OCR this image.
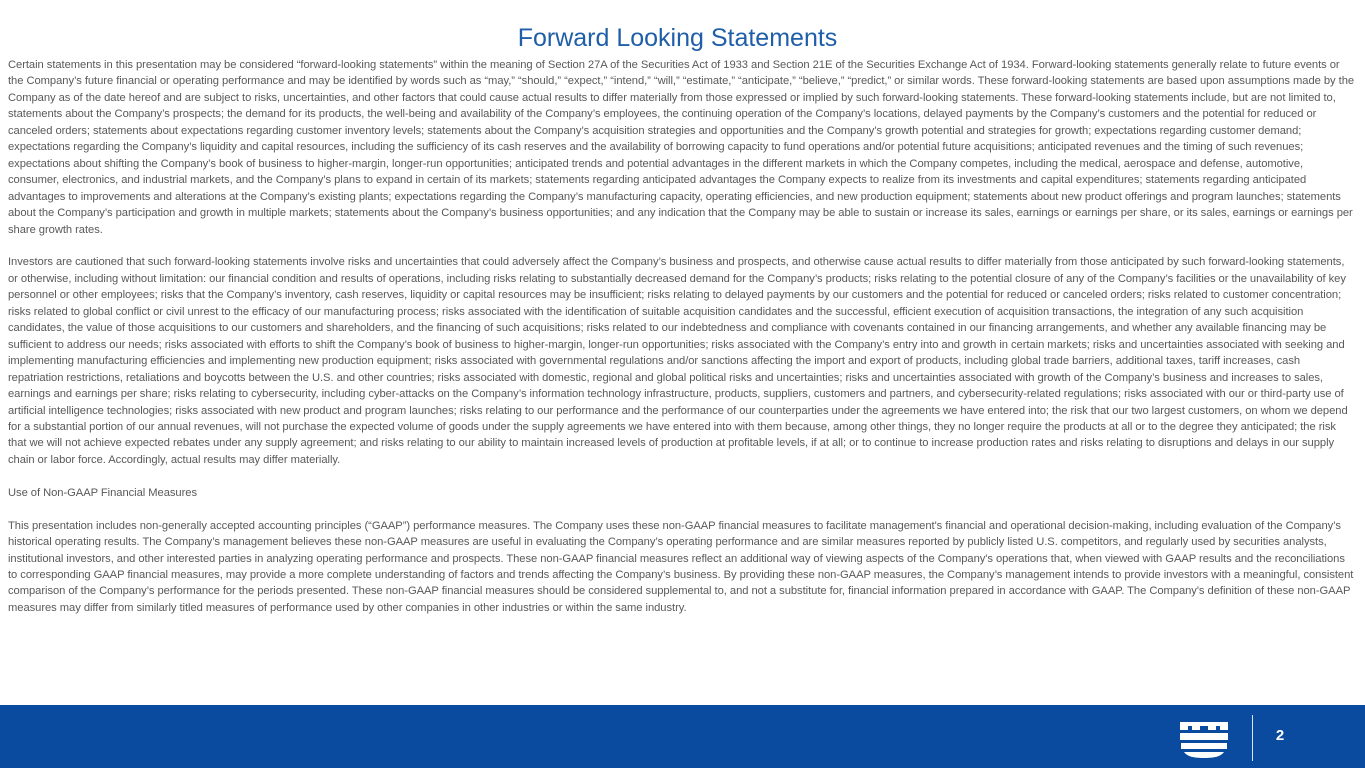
Forward Looking Statements

Certain statements in this presentation may be considered “forward-looking statements” within the meaning of Section 27A of the Securities Act of 1933 and Section 21E of the Securities Exchange Act of 1934. Forward-looking statements generally relate to future events or the Company’s future financial or operating performance and may be identified by words such as “may,” “should,” “expect,” “intend,” “will,” “estimate,” “anticipate,” “believe,” “predict,” or similar words. These forward-looking statements are based upon assumptions made by the Company as of the date hereof and are subject to risks, uncertainties, and other factors that could cause actual results to differ materially from those expressed or implied by such forward-looking statements. These forward-looking statements include, but are not limited to, statements about the Company’s prospects; the demand for its products, the well-being and availability of the Company’s employees, the continuing operation of the Company’s locations, delayed payments by the Company’s customers and the potential for reduced or canceled orders; statements about expectations regarding customer inventory levels; statements about the Company’s acquisition strategies and opportunities and the Company’s growth potential and strategies for growth; expectations regarding customer demand; expectations regarding the Company’s liquidity and capital resources, including the sufficiency of its cash reserves and the availability of borrowing capacity to fund operations and/or potential future acquisitions; anticipated revenues and the timing of such revenues; expectations about shifting the Company’s book of business to higher-margin, longer-run opportunities; anticipated trends and potential advantages in the different markets in which the Company competes, including the medical, aerospace and defense, automotive, consumer, electronics, and industrial markets, and the Company’s plans to expand in certain of its markets; statements regarding anticipated advantages the Company expects to realize from its investments and capital expenditures; statements regarding anticipated advantages to improvements and alterations at the Company’s existing plants; expectations regarding the Company’s manufacturing capacity, operating efficiencies, and new production equipment; statements about new product offerings and program launches; statements about the Company’s participation and growth in multiple markets; statements about the Company’s business opportunities; and any indication that the Company may be able to sustain or increase its sales, earnings or earnings per share, or its sales, earnings or earnings per share growth rates.

Investors are cautioned that such forward-looking statements involve risks and uncertainties that could adversely affect the Company’s business and prospects, and otherwise cause actual results to differ materially from those anticipated by such forward-looking statements, or otherwise, including without limitation: our financial condition and results of operations, including risks relating to substantially decreased demand for the Company’s products; risks relating to the potential closure of any of the Company’s facilities or the unavailability of key personnel or other employees; risks that the Company’s inventory, cash reserves, liquidity or capital resources may be insufficient; risks relating to delayed payments by our customers and the potential for reduced or canceled orders; risks related to customer concentration; risks related to global conflict or civil unrest to the efficacy of our manufacturing process; risks associated with the identification of suitable acquisition candidates and the successful, efficient execution of acquisition transactions, the integration of any such acquisition candidates, the value of those acquisitions to our customers and shareholders, and the financing of such acquisitions; risks related to our indebtedness and compliance with covenants contained in our financing arrangements, and whether any available financing may be sufficient to address our needs; risks associated with efforts to shift the Company’s book of business to higher-margin, longer-run opportunities; risks associated with the Company’s entry into and growth in certain markets; risks and uncertainties associated with seeking and implementing manufacturing efficiencies and implementing new production equipment; risks associated with governmental regulations and/or sanctions affecting the import and export of products, including global trade barriers, additional taxes, tariff increases, cash repatriation restrictions, retaliations and boycotts between the U.S. and other countries; risks associated with domestic, regional and global political risks and uncertainties; risks and uncertainties associated with growth of the Company’s business and increases to sales, earnings and earnings per share; risks relating to cybersecurity, including cyber-attacks on the Company’s information technology infrastructure, products, suppliers, customers and partners, and cybersecurity-related regulations; risks associated with our or third-party use of artificial intelligence technologies; risks associated with new product and program launches; risks relating to our performance and the performance of our counterparties under the agreements we have entered into; the risk that our two largest customers, on whom we depend for a substantial portion of our annual revenues, will not purchase the expected volume of goods under the supply agreements we have entered into with them because, among other things, they no longer require the products at all or to the degree they anticipated; the risk that we will not achieve expected rebates under any supply agreement; and risks relating to our ability to maintain increased levels of production at profitable levels, if at all; or to continue to increase production rates and risks relating to disruptions and delays in our supply chain or labor force. Accordingly, actual results may differ materially.

Use of Non-GAAP Financial Measures

This presentation includes non-generally accepted accounting principles (“GAAP”) performance measures. The Company uses these non-GAAP financial measures to facilitate management's financial and operational decision-making, including evaluation of the Company’s historical operating results. The Company’s management believes these non-GAAP measures are useful in evaluating the Company’s operating performance and are similar measures reported by publicly listed U.S. competitors, and regularly used by securities analysts, institutional investors, and other interested parties in analyzing operating performance and prospects. These non-GAAP financial measures reflect an additional way of viewing aspects of the Company's operations that, when viewed with GAAP results and the reconciliations to corresponding GAAP financial measures, may provide a more complete understanding of factors and trends affecting the Company’s business. By providing these non-GAAP measures, the Company’s management intends to provide investors with a meaningful, consistent comparison of the Company’s performance for the periods presented. These non-GAAP financial measures should be considered supplemental to, and not a substitute for, financial information prepared in accordance with GAAP. The Company's definition of these non-GAAP measures may differ from similarly titled measures of performance used by other companies in other industries or within the same industry.

2
